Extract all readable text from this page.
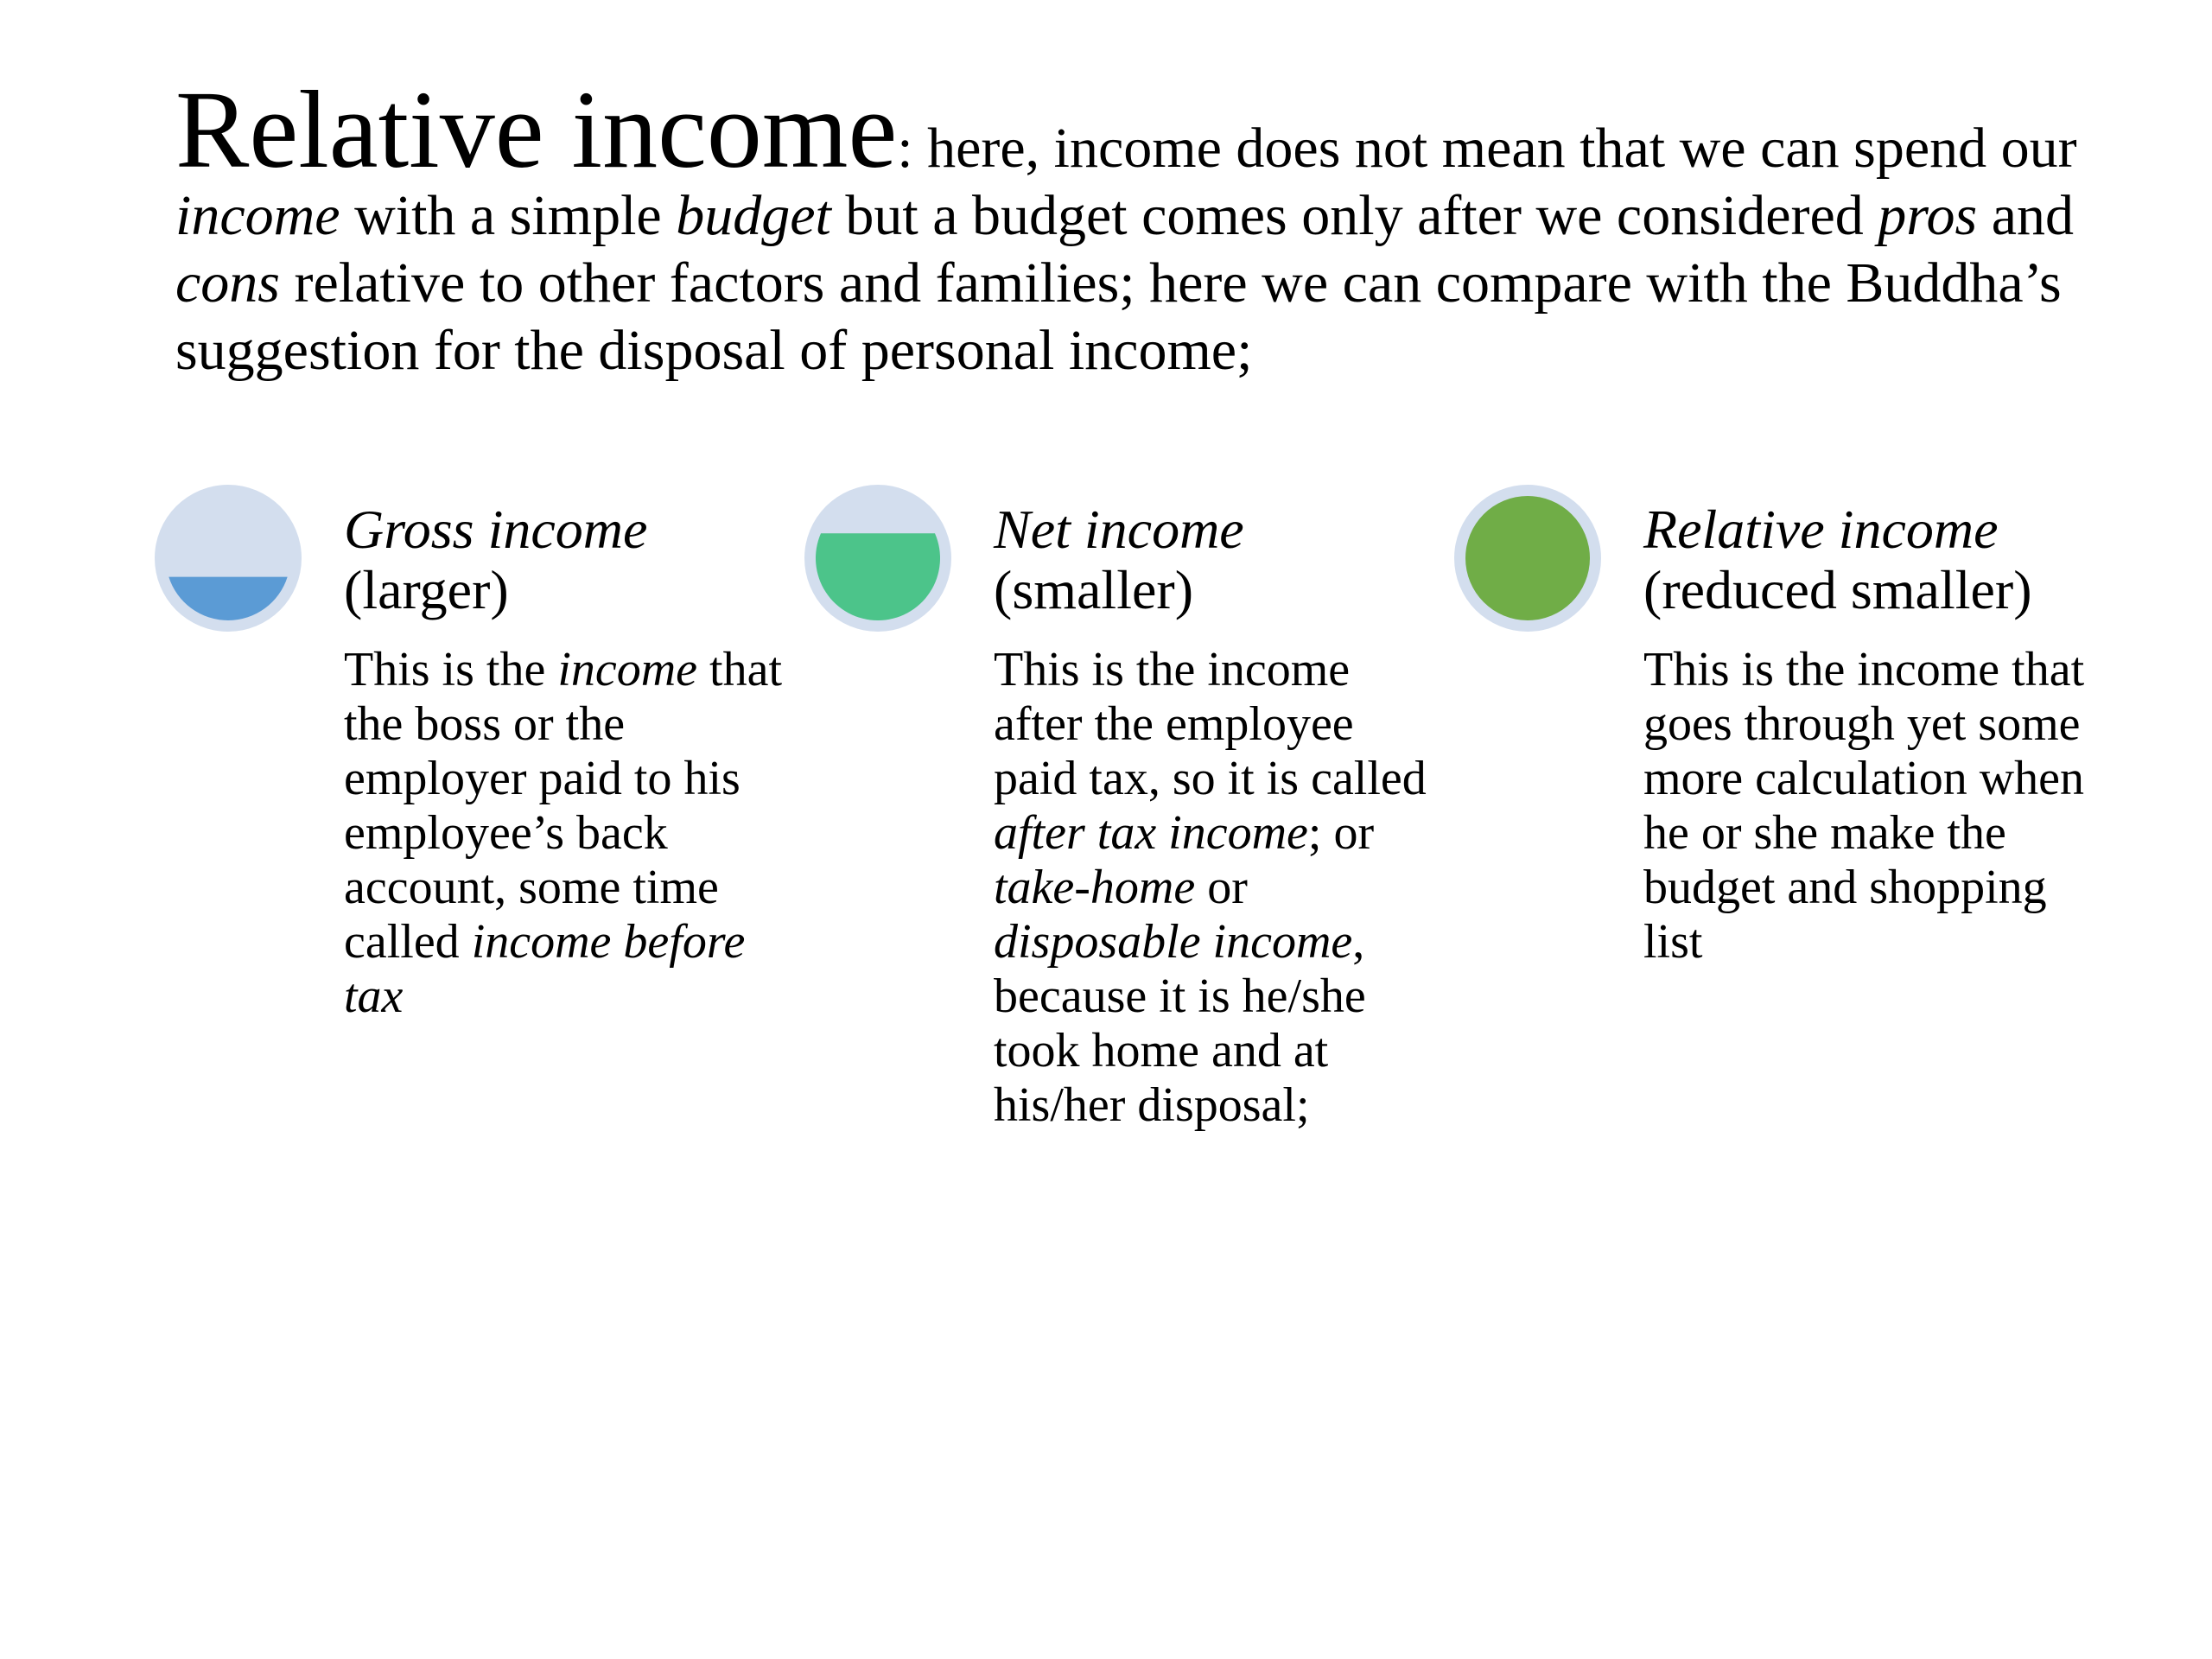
Relative income: here, income does not mean that we can spend our income with a simple budget but a budget comes only after we considered pros and cons relative to other factors and families; here we can compare with the Buddha’s suggestion for the disposal of personal income;

Gross income
(larger)

This is the income that the boss or the employer paid to his employee’s back account, some time called income before tax

Net income
(smaller)

This is the income after the employee paid tax, so it is called after tax income; or take-home or disposable income, because it is he/she took home and at his/her disposal;

Relative income
(reduced smaller)

This is the income that goes through yet some more calculation when he or she make the budget and shopping list
